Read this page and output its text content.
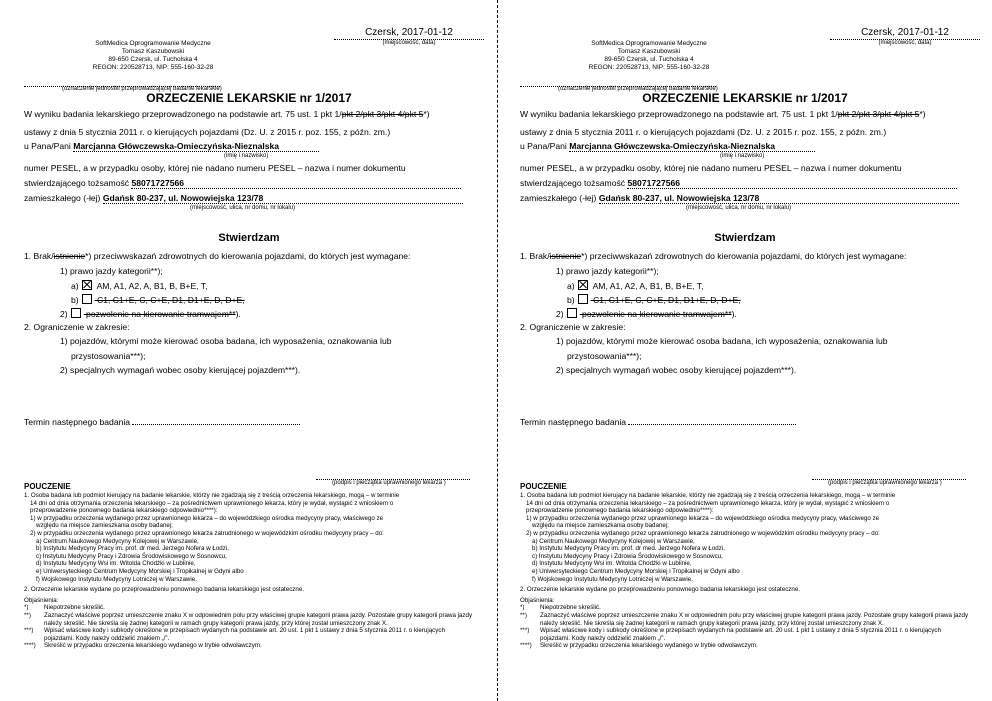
Czersk, 2017-01-12
(miejscowość, data)
SoftMedica Oprogramowanie Medyczne
Tomasz Kaszubowski
89-650 Czersk, ul. Tucholska 4
REGON: 220528713, NIP: 555-160-32-28
(oznaczenie jednostki przeprowadzającej badanie lekarskie)
ORZECZENIE LEKARSKIE nr 1/2017
W wyniku badania lekarskiego przeprowadzonego na podstawie art. 75 ust. 1 pkt 1/pkt 2/pkt 3/pkt 4/pkt 5*)
ustawy z dnia 5 stycznia 2011 r. o kierujących pojazdami (Dz. U. z 2015 r. poz. 155, z późn. zm.)
u Pana/Pani Marcjanna Główczewska-Omieczyńska-Nieznalska
(imię i nazwisko)
numer PESEL, a w przypadku osoby, której nie nadano numeru PESEL – nazwa i numer dokumentu
stwierdzającego tożsamość 58071727566
zamieszkałego (-łej) Gdańsk 80-237, ul. Nowowiejska 123/78
(miejscowość, ulica, nr domu, nr lokalu)
Stwierdzam
1. Brak/istnienie*) przeciwwskazań zdrowotnych do kierowania pojazdami, do których jest wymagane:
1) prawo jazdy kategorii**);
a) AM, A1, A2, A, B1, B, B+E, T,
b) C1, C1+E, C, C+E, D1, D1+E, D, D+E,
2) pozwolenie na kierowanie tramwajem**).
2. Ograniczenie w zakresie:
1) pojazdów, którymi może kierować osoba badana, ich wyposażenia, oznakowania lub
przystosowania***);
2) specjalnych wymagań wobec osoby kierującej pojazdem***).
Termin następnego badania
(podpis i pieczątka uprawnionego lekarza )
POUCZENIE

1. Osoba badana lub podmiot kierujący na badanie lekarskie, którzy nie zgadzają się z treścią orzeczenia lekarskiego, mogą – w terminie

14 dni od dnia otrzymania orzeczenia lekarskiego – za pośrednictwem uprawnionego lekarza, który je wydał, wystąpić z wnioskiem o

przeprowadzenie ponownego badania lekarskiego odpowiednio****):

1) w przypadku orzeczenia wydanego przez uprawnionego lekarza – do wojewódzkiego ośrodka medycyny pracy, właściwego ze

względu na miejsce zamieszkania osoby badanej;

2) w przypadku orzeczenia wydanego przez uprawnionego lekarza zatrudnionego w wojewódzkim ośrodku medycyny pracy – do:

a) Centrum Naukowego Medycyny Kolejowej w Warszawie,

b) Instytutu Medycyny Pracy im. prof. dr med. Jerzego Nofera w Łodzi,

c) Instytutu Medycyny Pracy i Zdrowia Środowiskowego w Sosnowcu,

d) Instytutu Medycyny Wsi im. Witolda Chodźki w Lublinie,

e) Uniwersyteckiego Centrum Medycyny Morskiej i Tropikalnej w Gdyni albo

f) Wojskowego Instytutu Medycyny Lotniczej w Warszawie.

2. Orzeczenie lekarskie wydane po przeprowadzeniu ponownego badania lekarskiego jest ostateczne.

Objaśnienia:

*)	Niepotrzebne skreślić.
**)	Zaznaczyć właściwe poprzez umieszczenie znaku X w odpowiednim polu przy właściwej grupie kategorii prawa jazdy. Pozostałe grupy kategorii prawa jazdy należy skreślić. Nie skreśla się żadnej kategorii w ramach grupy kategorii prawa jazdy, przy której został umieszczony znak X.
***)	Wpisać właściwe kody i subkody określone w przepisach wydanych na podstawie art. 20 ust. 1 pkt 1 ustawy z dnia 5 stycznia 2011 r. o kierujących pojazdami. Kody należy oddzielić znakiem „/”.
****)	Skreślić w przypadku orzeczenia lekarskiego wydanego w trybie odwoławczym.
Czersk, 2017-01-12
(miejscowość, data)
SoftMedica Oprogramowanie Medyczne
Tomasz Kaszubowski
89-650 Czersk, ul. Tucholska 4
REGON: 220528713, NIP: 555-160-32-28
(oznaczenie jednostki przeprowadzającej badanie lekarskie)
ORZECZENIE LEKARSKIE nr 1/2017
W wyniku badania lekarskiego przeprowadzonego na podstawie art. 75 ust. 1 pkt 1/pkt 2/pkt 3/pkt 4/pkt 5*)
ustawy z dnia 5 stycznia 2011 r. o kierujących pojazdami (Dz. U. z 2015 r. poz. 155, z późn. zm.)
u Pana/Pani Marcjanna Główczewska-Omieczyńska-Nieznalska
(imię i nazwisko)
numer PESEL, a w przypadku osoby, której nie nadano numeru PESEL – nazwa i numer dokumentu
stwierdzającego tożsamość 58071727566
zamieszkałego (-łej) Gdańsk 80-237, ul. Nowowiejska 123/78
(miejscowość, ulica, nr domu, nr lokalu)
Stwierdzam
1. Brak/istnienie*) przeciwwskazań zdrowotnych do kierowania pojazdami, do których jest wymagane:
1) prawo jazdy kategorii**);
a) AM, A1, A2, A, B1, B, B+E, T,
b) C1, C1+E, C, C+E, D1, D1+E, D, D+E,
2) pozwolenie na kierowanie tramwajem**).
2. Ograniczenie w zakresie:
1) pojazdów, którymi może kierować osoba badana, ich wyposażenia, oznakowania lub
przystosowania***);
2) specjalnych wymagań wobec osoby kierującej pojazdem***).
Termin następnego badania
(podpis i pieczątka uprawnionego lekarza )
POUCZENIE

1. Osoba badana lub podmiot kierujący na badanie lekarskie, którzy nie zgadzają się z treścią orzeczenia lekarskiego, mogą – w terminie

14 dni od dnia otrzymania orzeczenia lekarskiego – za pośrednictwem uprawnionego lekarza, który je wydał, wystąpić z wnioskiem o

przeprowadzenie ponownego badania lekarskiego odpowiednio****):

1) w przypadku orzeczenia wydanego przez uprawnionego lekarza – do wojewódzkiego ośrodka medycyny pracy, właściwego ze

względu na miejsce zamieszkania osoby badanej;

2) w przypadku orzeczenia wydanego przez uprawnionego lekarza zatrudnionego w wojewódzkim ośrodku medycyny pracy – do:

a) Centrum Naukowego Medycyny Kolejowej w Warszawie,

b) Instytutu Medycyny Pracy im. prof. dr med. Jerzego Nofera w Łodzi,

c) Instytutu Medycyny Pracy i Zdrowia Środowiskowego w Sosnowcu,

d) Instytutu Medycyny Wsi im. Witolda Chodźki w Lublinie,

e) Uniwersyteckiego Centrum Medycyny Morskiej i Tropikalnej w Gdyni albo

f) Wojskowego Instytutu Medycyny Lotniczej w Warszawie.

2. Orzeczenie lekarskie wydane po przeprowadzeniu ponownego badania lekarskiego jest ostateczne.

Objaśnienia:

*)	Niepotrzebne skreślić.
**)	Zaznaczyć właściwe poprzez umieszczenie znaku X w odpowiednim polu przy właściwej grupie kategorii prawa jazdy. Pozostałe grupy kategorii prawa jazdy należy skreślić. Nie skreśla się żadnej kategorii w ramach grupy kategorii prawa jazdy, przy której został umieszczony znak X.
***)	Wpisać właściwe kody i subkody określone w przepisach wydanych na podstawie art. 20 ust. 1 pkt 1 ustawy z dnia 5 stycznia 2011 r. o kierujących pojazdami. Kody należy oddzielić znakiem „/”.
****)	Skreślić w przypadku orzeczenia lekarskiego wydanego w trybie odwoławczym.
